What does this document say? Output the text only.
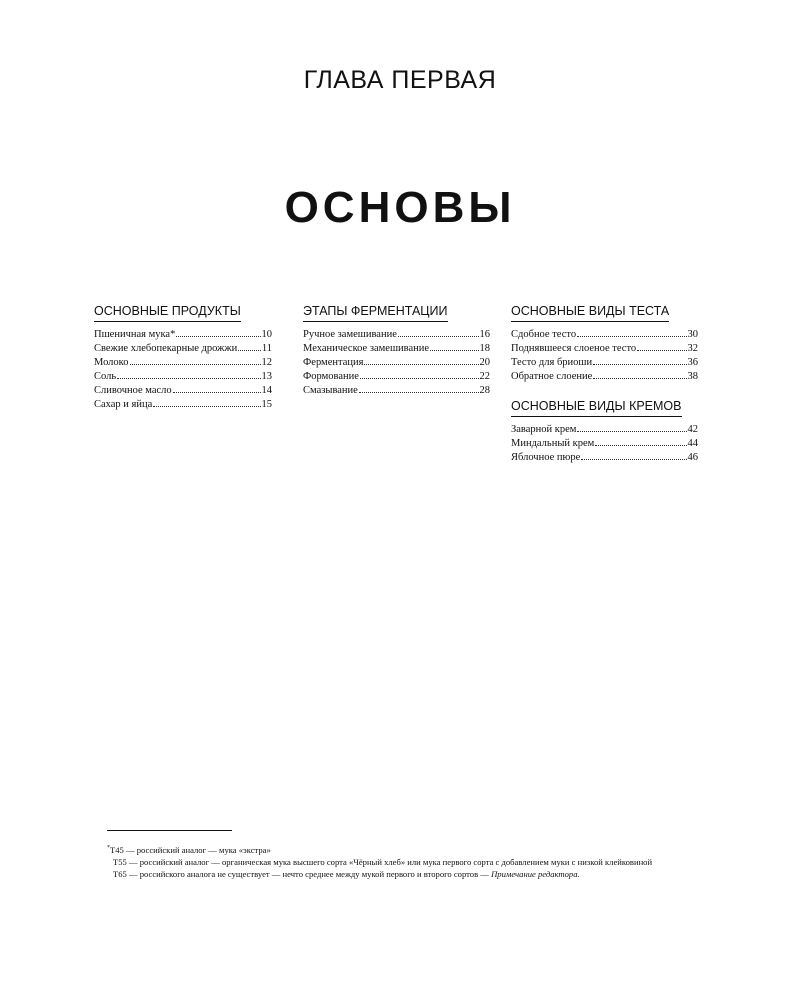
ГЛАВА ПЕРВАЯ
ОСНОВЫ
ОСНОВНЫЕ ПРОДУКТЫ
Пшеничная мука*	10
Свежие хлебопекарные дрожжи 11
Молоко	12
Соль	13
Сливочное масло	14
Сахар и яйца	15
ЭТАПЫ ФЕРМЕНТАЦИИ
Ручное замешивание	16
Механическое замешивание	18
Ферментация	20
Формование	22
Смазывание	28
ОСНОВНЫЕ ВИДЫ ТЕСТА
Сдобное тесто	30
Поднявшееся слоеное тесто	32
Тесто для бриоши	36
Обратное слоение	38
ОСНОВНЫЕ ВИДЫ КРЕМОВ
Заварной крем	42
Миндальный крем	44
Яблочное пюре	46

*Т45 — российский аналог — мука «экстра»

Т55 — российский аналог — органическая мука высшего сорта «Чёрный хлеб» или мука первого сорта с добавлением муки с низкой клейковиной

Т65 — российского аналога не существует — нечто среднее между мукой первого и второго сортов — Примечание редактора.
